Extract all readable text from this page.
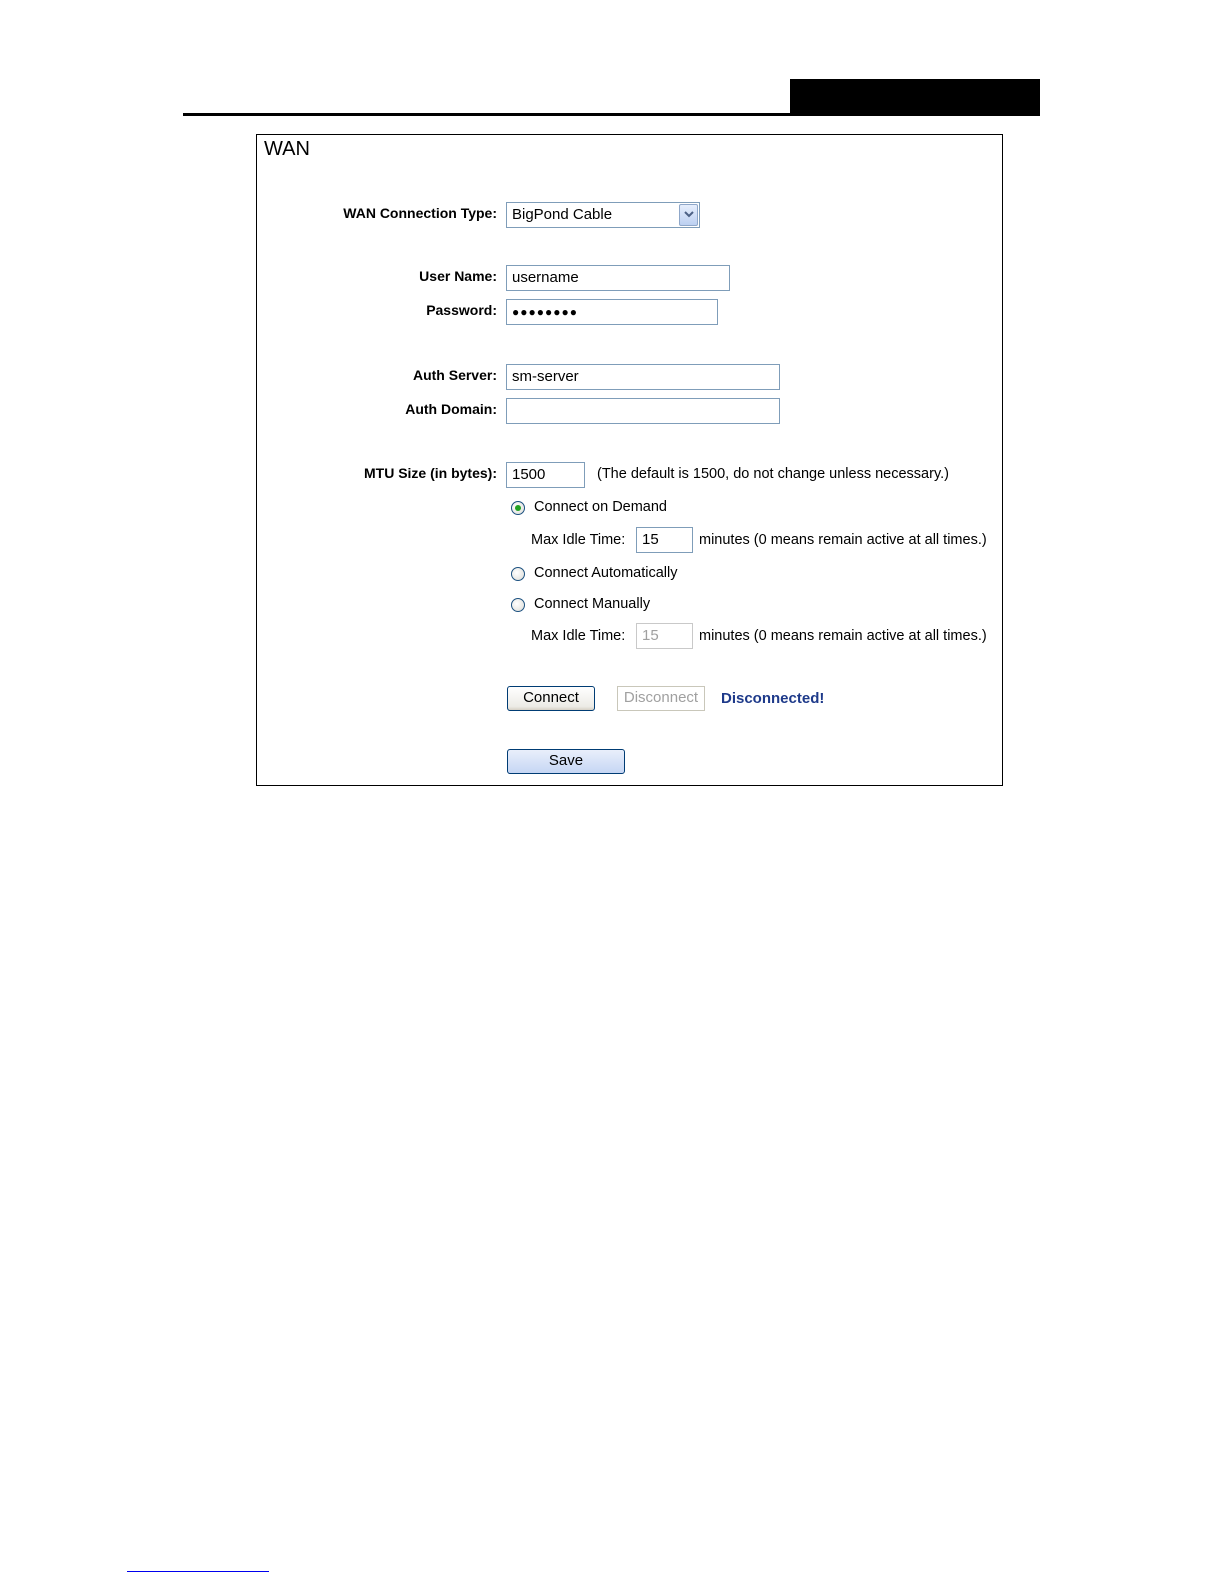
WAN
WAN Connection Type:	BigPond Cable
User Name:	username
Password:	●●●●●●●●
Auth Server:	sm-server
Auth Domain:
MTU Size (in bytes):	1500	(The default is 1500, do not change unless necessary.)
Connect on Demand
Max Idle Time:	15	minutes (0 means remain active at all times.)
Connect Automatically
Connect Manually
Max Idle Time:	15	minutes (0 means remain active at all times.)
Connect	Disconnect	Disconnected!
Save
